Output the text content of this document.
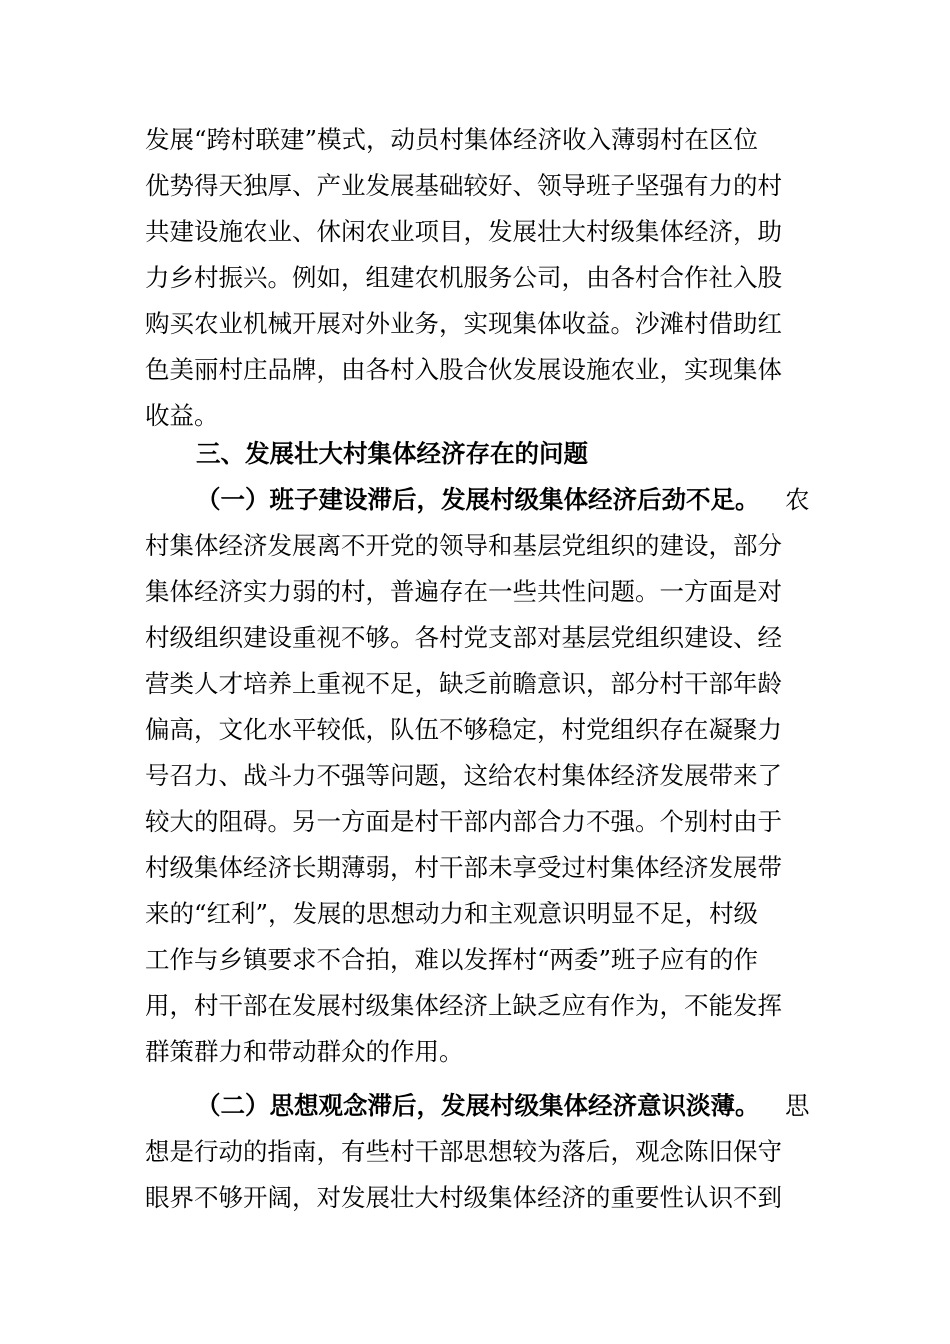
发展“跨村联建”模式，动员村集体经济收入薄弱村在区位
优势得天独厚、产业发展基础较好、领导班子坚强有力的村
共建设施农业、休闲农业项目，发展壮大村级集体经济，助
力乡村振兴。例如，组建农机服务公司，由各村合作社入股
购买农业机械开展对外业务，实现集体收益。沙滩村借助红
色美丽村庄品牌，由各村入股合伙发展设施农业，实现集体
收益。
三、发展壮大村集体经济存在的问题
（一）班子建设滞后，发展村级集体经济后劲不足。 农
村集体经济发展离不开党的领导和基层党组织的建设，部分
集体经济实力弱的村，普遍存在一些共性问题。一方面是对
村级组织建设重视不够。各村党支部对基层党组织建设、经
营类人才培养上重视不足，缺乏前瞻意识，部分村干部年龄
偏高，文化水平较低，队伍不够稳定，村党组织存在凝聚力
号召力、战斗力不强等问题，这给农村集体经济发展带来了
较大的阻碍。另一方面是村干部内部合力不强。个别村由于
村级集体经济长期薄弱，村干部未享受过村集体经济发展带
来的“红利”，发展的思想动力和主观意识明显不足，村级
工作与乡镇要求不合拍，难以发挥村“两委”班子应有的作
用，村干部在发展村级集体经济上缺乏应有作为，不能发挥
群策群力和带动群众的作用。
（二）思想观念滞后，发展村级集体经济意识淡薄。 思
想是行动的指南，有些村干部思想较为落后，观念陈旧保守
眼界不够开阔，对发展壮大村级集体经济的重要性认识不到
